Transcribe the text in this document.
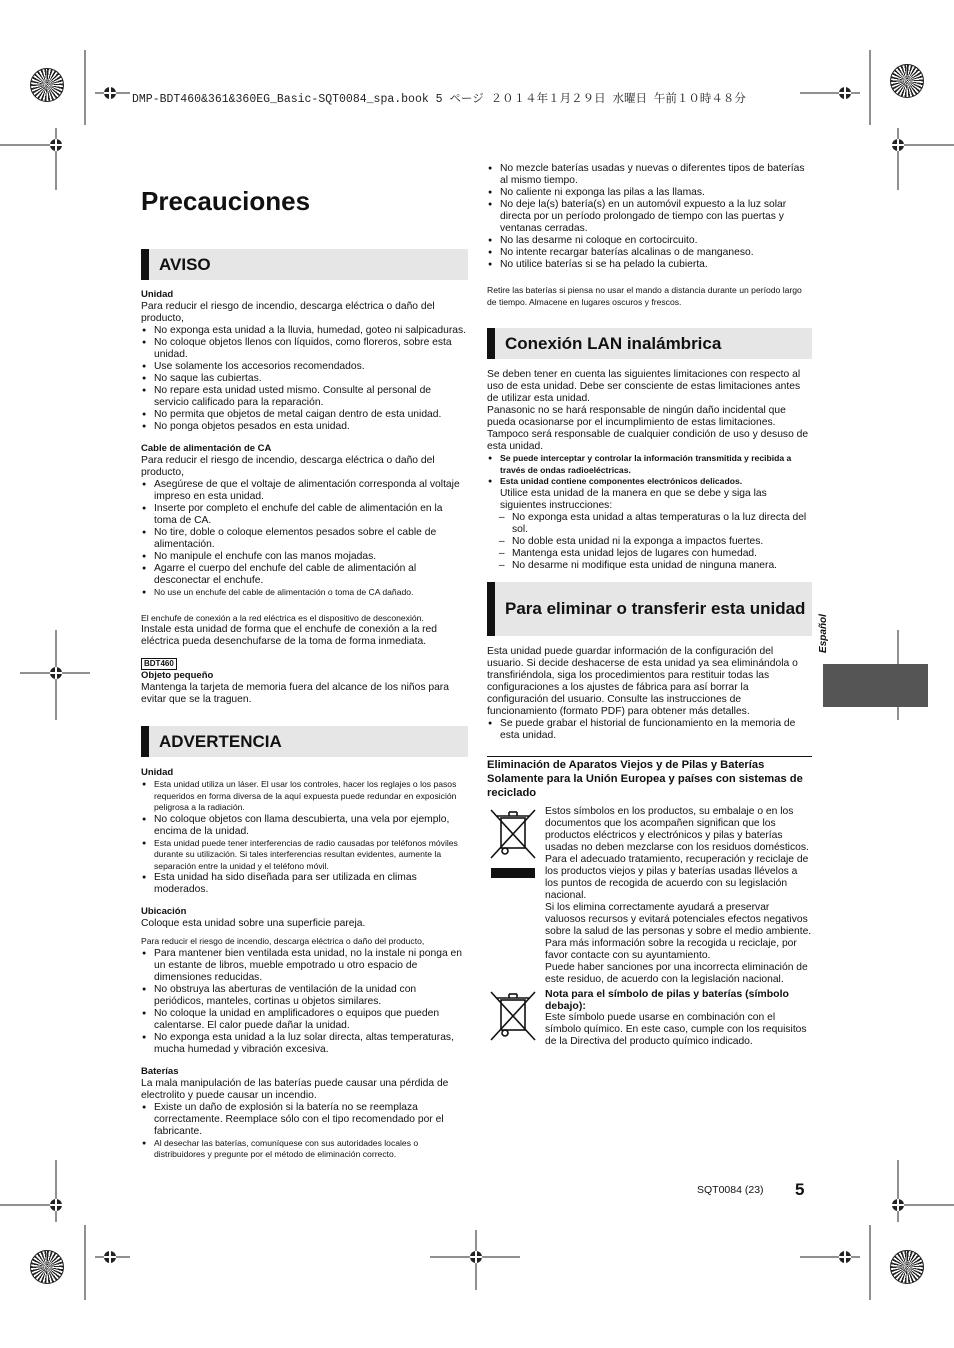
DMP-BDT460&361&360EG_Basic-SQT0084_spa.book 5 ページ ２０１４年１月２９日 水曜日 午前１０時４８分
Precauciones
AVISO

Unidad

Para reducir el riesgo de incendio, descarga eléctrica o daño del producto,

● No exponga esta unidad a la lluvia, humedad, goteo ni salpicaduras.
● No coloque objetos llenos con líquidos, como floreros, sobre esta unidad.
● Use solamente los accesorios recomendados.
● No saque las cubiertas.
● No repare esta unidad usted mismo. Consulte al personal de servicio calificado para la reparación.
● No permita que objetos de metal caigan dentro de esta unidad.
● No ponga objetos pesados en esta unidad.

Cable de alimentación de CA

Para reducir el riesgo de incendio, descarga eléctrica o daño del producto,

● Asegúrese de que el voltaje de alimentación corresponda al voltaje impreso en esta unidad.
● Inserte por completo el enchufe del cable de alimentación en la toma de CA.
● No tire, doble o coloque elementos pesados sobre el cable de alimentación.
● No manipule el enchufe con las manos mojadas.
● Agarre el cuerpo del enchufe del cable de alimentación al desconectar el enchufe.
● No use un enchufe del cable de alimentación o toma de CA dañado.

El enchufe de conexión a la red eléctrica es el dispositivo de desconexión.

Instale esta unidad de forma que el enchufe de conexión a la red eléctrica pueda desenchufarse de la toma de forma inmediata.

BDT460

Objeto pequeño

Mantenga la tarjeta de memoria fuera del alcance de los niños para evitar que se la traguen.

ADVERTENCIA

Unidad

● Esta unidad utiliza un láser. El usar los controles, hacer los reglajes o los pasos requeridos en forma diversa de la aquí expuesta puede redundar en exposición peligrosa a la radiación.
● No coloque objetos con llama descubierta, una vela por ejemplo, encima de la unidad.
● Esta unidad puede tener interferencias de radio causadas por teléfonos móviles durante su utilización. Si tales interferencias resultan evidentes, aumente la separación entre la unidad y el teléfono móvil.
● Esta unidad ha sido diseñada para ser utilizada en climas moderados.

Ubicación

Coloque esta unidad sobre una superficie pareja.

Para reducir el riesgo de incendio, descarga eléctrica o daño del producto,

● Para mantener bien ventilada esta unidad, no la instale ni ponga en un estante de libros, mueble empotrado u otro espacio de dimensiones reducidas.
● No obstruya las aberturas de ventilación de la unidad con periódicos, manteles, cortinas u objetos similares.
● No coloque la unidad en amplificadores o equipos que pueden calentarse. El calor puede dañar la unidad.
● No exponga esta unidad a la luz solar directa, altas temperaturas, mucha humedad y vibración excesiva.

Baterías

La mala manipulación de las baterías puede causar una pérdida de electrolito y puede causar un incendio.

● Existe un daño de explosión si la batería no se reemplaza correctamente. Reemplace sólo con el tipo recomendado por el fabricante.
● Al desechar las baterías, comuníquese con sus autoridades locales o distribuidores y pregunte por el método de eliminación correcto.
● No mezcle baterías usadas y nuevas o diferentes tipos de baterías al mismo tiempo.
● No caliente ni exponga las pilas a las llamas.
● No deje la(s) batería(s) en un automóvil expuesto a la luz solar directa por un período prolongado de tiempo con las puertas y ventanas cerradas.
● No las desarme ni coloque en cortocircuito.
● No intente recargar baterías alcalinas o de manganeso.
● No utilice baterías si se ha pelado la cubierta.

Retire las baterías si piensa no usar el mando a distancia durante un período largo de tiempo. Almacene en lugares oscuros y frescos.

Conexión LAN inalámbrica

Se deben tener en cuenta las siguientes limitaciones con respecto al uso de esta unidad. Debe ser consciente de estas limitaciones antes de utilizar esta unidad.

Panasonic no se hará responsable de ningún daño incidental que pueda ocasionarse por el incumplimiento de estas limitaciones. Tampoco será responsable de cualquier condición de uso y desuso de esta unidad.

● Se puede interceptar y controlar la información transmitida y recibida a través de ondas radioeléctricas.
● Esta unidad contiene componentes electrónicos delicados.

Utilice esta unidad de la manera en que se debe y siga las siguientes instrucciones:

– No exponga esta unidad a altas temperaturas o la luz directa del sol.
– No doble esta unidad ni la exponga a impactos fuertes.
– Mantenga esta unidad lejos de lugares con humedad.
– No desarme ni modifique esta unidad de ninguna manera.
Para eliminar o transferir esta unidad

Esta unidad puede guardar información de la configuración del usuario. Si decide deshacerse de esta unidad ya sea eliminándola o transfiriéndola, siga los procedimientos para restituir todas las configuraciones a los ajustes de fábrica para así borrar la configuración del usuario. Consulte las instrucciones de funcionamiento (formato PDF) para obtener más detalles.

● Se puede grabar el historial de funcionamiento en la memoria de esta unidad.

Eliminación de Aparatos Viejos y de Pilas y Baterías Solamente para la Unión Europea y países con sistemas de reciclado

Estos símbolos en los productos, su embalaje o en los documentos que los acompañen significan que los productos eléctricos y electrónicos y pilas y baterías usadas no deben mezclarse con los residuos domésticos.

Para el adecuado tratamiento, recuperación y reciclaje de los productos viejos y pilas y baterías usadas llévelos a los puntos de recogida de acuerdo con su legislación nacional.

Si los elimina correctamente ayudará a preservar valuosos recursos y evitará potenciales efectos negativos sobre la salud de las personas y sobre el medio ambiente.

Para más información sobre la recogida u reciclaje, por favor contacte con su ayuntamiento.

Puede haber sanciones por una incorrecta eliminación de este residuo, de acuerdo con la legislación nacional.

Nota para el símbolo de pilas y baterías (símbolo debajo):

Este símbolo puede usarse en combinación con el símbolo químico. En este caso, cumple con los requisitos de la Directiva del producto químico indicado.

Español
SQT0084 (23) 5
